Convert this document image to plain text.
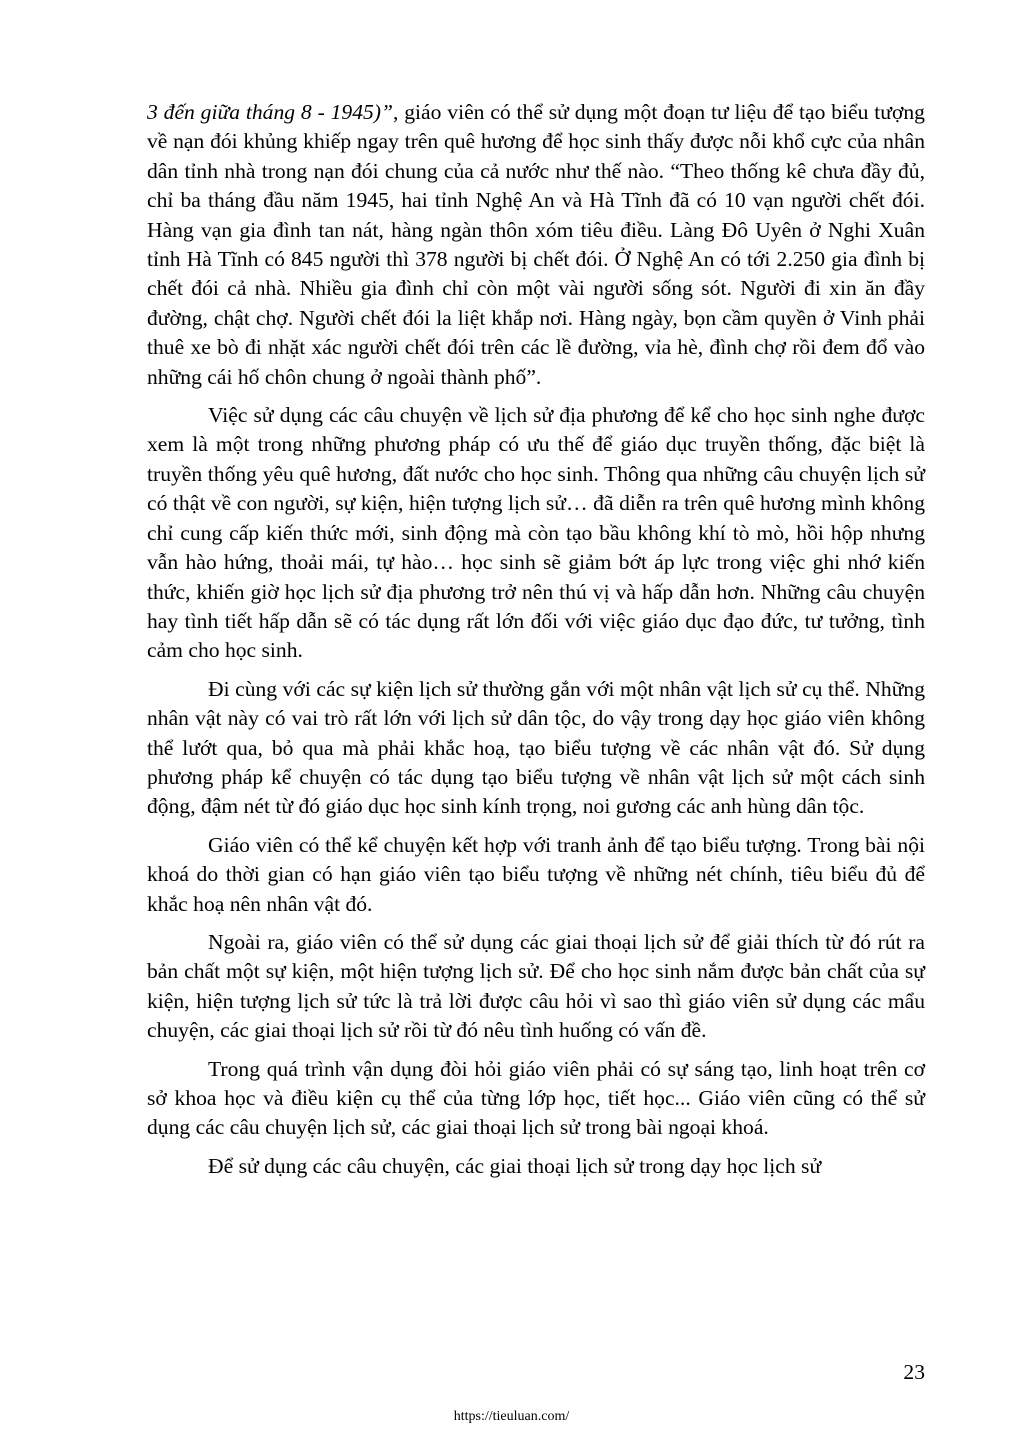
3 đến giữa tháng 8 - 1945)”, giáo viên có thể sử dụng một đoạn tư liệu để tạo biểu tượng về nạn đói khủng khiếp ngay trên quê hương để học sinh thấy được nỗi khổ cực của nhân dân tỉnh nhà trong nạn đói chung của cả nước như thế nào. “Theo thống kê chưa đầy đủ, chỉ ba tháng đầu năm 1945, hai tỉnh Nghệ An và Hà Tĩnh đã có 10 vạn người chết đói. Hàng vạn gia đình tan nát, hàng ngàn thôn xóm tiêu điều. Làng Đô Uyên ở Nghi Xuân tỉnh Hà Tĩnh có 845 người thì 378 người bị chết đói. Ở Nghệ An có tới 2.250 gia đình bị chết đói cả nhà. Nhiều gia đình chỉ còn một vài người sống sót. Người đi xin ăn đầy đường, chật chợ. Người chết đói la liệt khắp nơi. Hàng ngày, bọn cầm quyền ở Vinh phải thuê xe bò đi nhặt xác người chết đói trên các lề đường, vỉa hè, đình chợ rồi đem đổ vào những cái hố chôn chung ở ngoài thành phố”.

Việc sử dụng các câu chuyện về lịch sử địa phương để kể cho học sinh nghe được xem là một trong những phương pháp có ưu thế để giáo dục truyền thống, đặc biệt là truyền thống yêu quê hương, đất nước cho học sinh. Thông qua những câu chuyện lịch sử có thật về con người, sự kiện, hiện tượng lịch sử… đã diễn ra trên quê hương mình không chỉ cung cấp kiến thức mới, sinh động mà còn tạo bầu không khí tò mò, hồi hộp nhưng vẫn hào hứng, thoải mái, tự hào… học sinh sẽ giảm bớt áp lực trong việc ghi nhớ kiến thức, khiến giờ học lịch sử địa phương trở nên thú vị và hấp dẫn hơn. Những câu chuyện hay tình tiết hấp dẫn sẽ có tác dụng rất lớn đối với việc giáo dục đạo đức, tư tưởng, tình cảm cho học sinh.

Đi cùng với các sự kiện lịch sử thường gắn với một nhân vật lịch sử cụ thể. Những nhân vật này có vai trò rất lớn với lịch sử dân tộc, do vậy trong dạy học giáo viên không thể lướt qua, bỏ qua mà phải khắc hoạ, tạo biểu tượng về các nhân vật đó. Sử dụng phương pháp kể chuyện có tác dụng tạo biểu tượng về nhân vật lịch sử một cách sinh động, đậm nét từ đó giáo dục học sinh kính trọng, noi gương các anh hùng dân tộc.

Giáo viên có thể kể chuyện kết hợp với tranh ảnh để tạo biểu tượng. Trong bài nội khoá do thời gian có hạn giáo viên tạo biểu tượng về những nét chính, tiêu biểu đủ để khắc hoạ nên nhân vật đó.

Ngoài ra, giáo viên có thể sử dụng các giai thoại lịch sử để giải thích từ đó rút ra bản chất một sự kiện, một hiện tượng lịch sử. Để cho học sinh nắm được bản chất của sự kiện, hiện tượng lịch sử tức là trả lời được câu hỏi vì sao thì giáo viên sử dụng các mẩu chuyện, các giai thoại lịch sử rồi từ đó nêu tình huống có vấn đề.

Trong quá trình vận dụng đòi hỏi giáo viên phải có sự sáng tạo, linh hoạt trên cơ sở khoa học và điều kiện cụ thể của từng lớp học, tiết học... Giáo viên cũng có thể sử dụng các câu chuyện lịch sử, các giai thoại lịch sử trong bài ngoại khoá.

Để sử dụng các câu chuyện, các giai thoại lịch sử trong dạy học lịch sử

23
https://tieuluan.com/
